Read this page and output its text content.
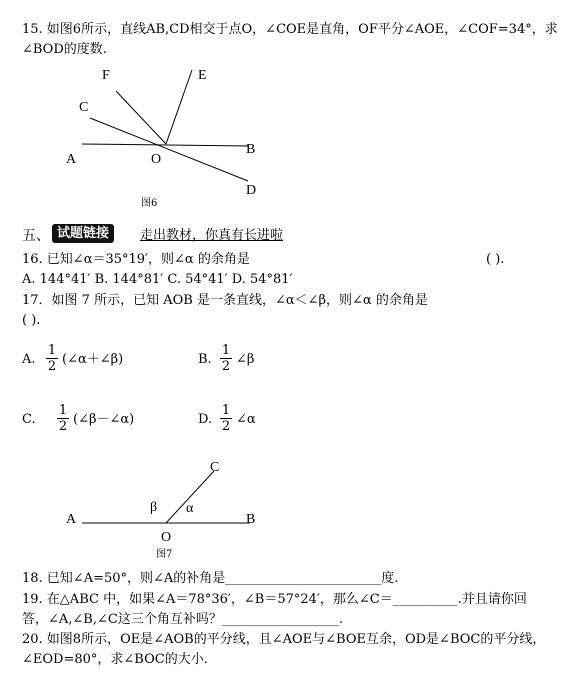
15. 如图6所示，直线AB,CD相交于点O，∠COE是直角，OF平分∠AOE，∠COF=34°，求
∠BOD的度数.
F	E
C
A	O
B
D
图6
五、 试题链接	走出教材，你真有长进啦
16. 已知∠α＝35°19′，则∠α 的余角是	( ).
A. 144°41′ B. 144°81′ C. 54°41′ D. 54°81′
17．如图 7 所示，已知 AOB 是一条直线，∠α＜∠β，则∠α 的余角是
( ).
A. $\frac{1}{2}$ (∠α＋∠β)	B. $\frac{1}{2}$ ∠β
C. $\frac{1}{2}$ (∠β－∠α)	D. $\frac{1}{2}$ ∠α
C
β α
A	B
O
图7
18. 已知∠A=50°，则∠A的补角是________________________度.
19. 在△ABC 中，如果∠A＝78°36′，∠B＝57°24′，那么∠C＝__________.并且请你回
答，∠A,∠B,∠C这三个角互补吗？__________________.
20. 如图8所示，OE是∠AOB的平分线，且∠AOE与∠BOE互余，OD是∠BOC的平分线，
∠EOD=80°，求∠BOC的大小.
